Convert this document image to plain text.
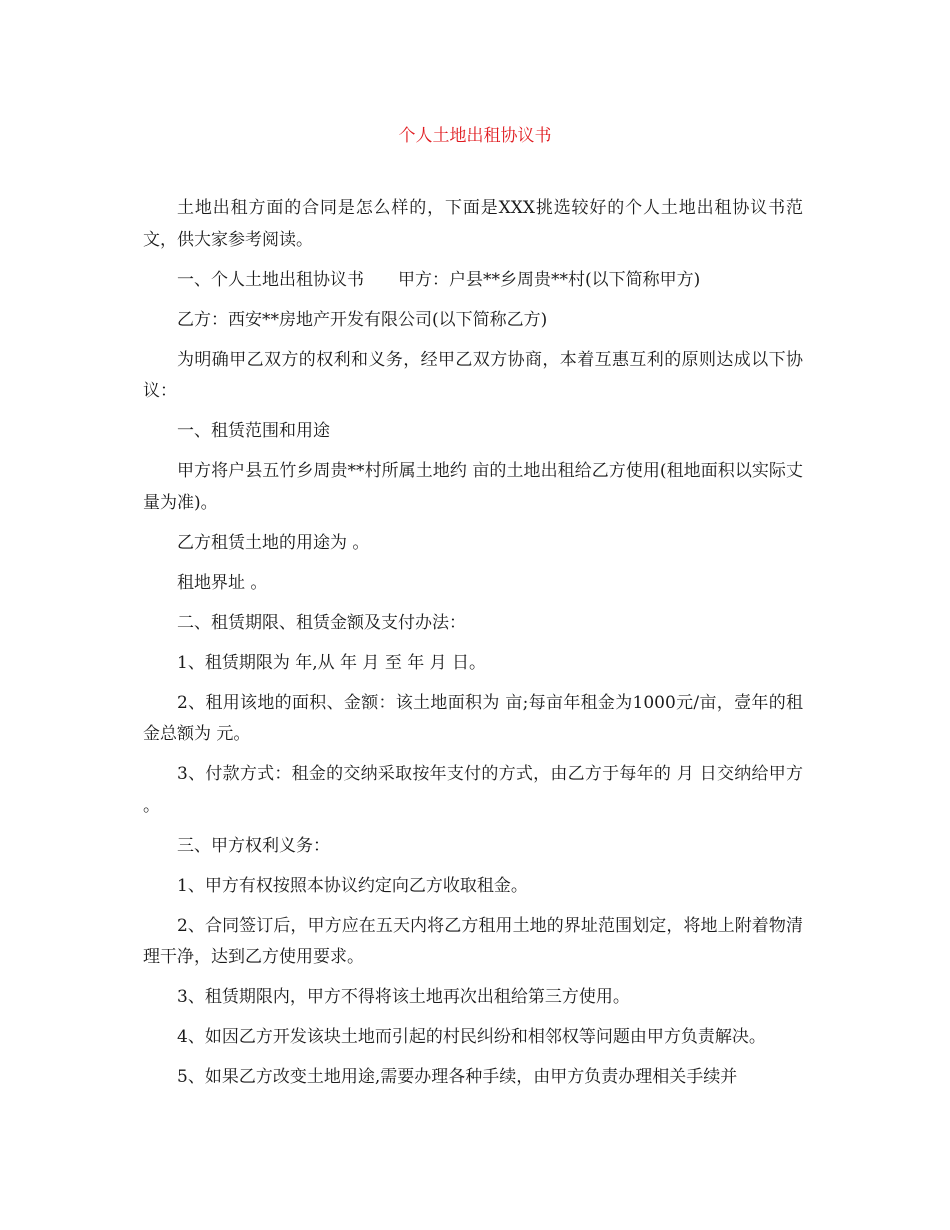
个人土地出租协议书

土地出租方面的合同是怎么样的，下面是XXX挑选较好的个人土地出租协议书范文，供大家参考阅读。

一、个人土地出租协议书　　甲方：户县**乡周贵**村(以下简称甲方)

乙方：西安**房地产开发有限公司(以下简称乙方)

为明确甲乙双方的权利和义务，经甲乙双方协商，本着互惠互利的原则达成以下协议：

一、租赁范围和用途

甲方将户县五竹乡周贵**村所属土地约 亩的土地出租给乙方使用(租地面积以实际丈量为准)。

乙方租赁土地的用途为 。

租地界址 。

二、租赁期限、租赁金额及支付办法：

1、租赁期限为 年,从 年 月 至 年 月 日。

2、租用该地的面积、金额：该土地面积为 亩;每亩年租金为1000元/亩，壹年的租金总额为 元。

3、付款方式：租金的交纳采取按年支付的方式，由乙方于每年的 月 日交纳给甲方 。

三、甲方权利义务：

1、甲方有权按照本协议约定向乙方收取租金。

2、合同签订后，甲方应在五天内将乙方租用土地的界址范围划定，将地上附着物清理干净，达到乙方使用要求。

3、租赁期限内，甲方不得将该土地再次出租给第三方使用。

4、如因乙方开发该块土地而引起的村民纠纷和相邻权等问题由甲方负责解决。

5、如果乙方改变土地用途,需要办理各种手续，由甲方负责办理相关手续并
